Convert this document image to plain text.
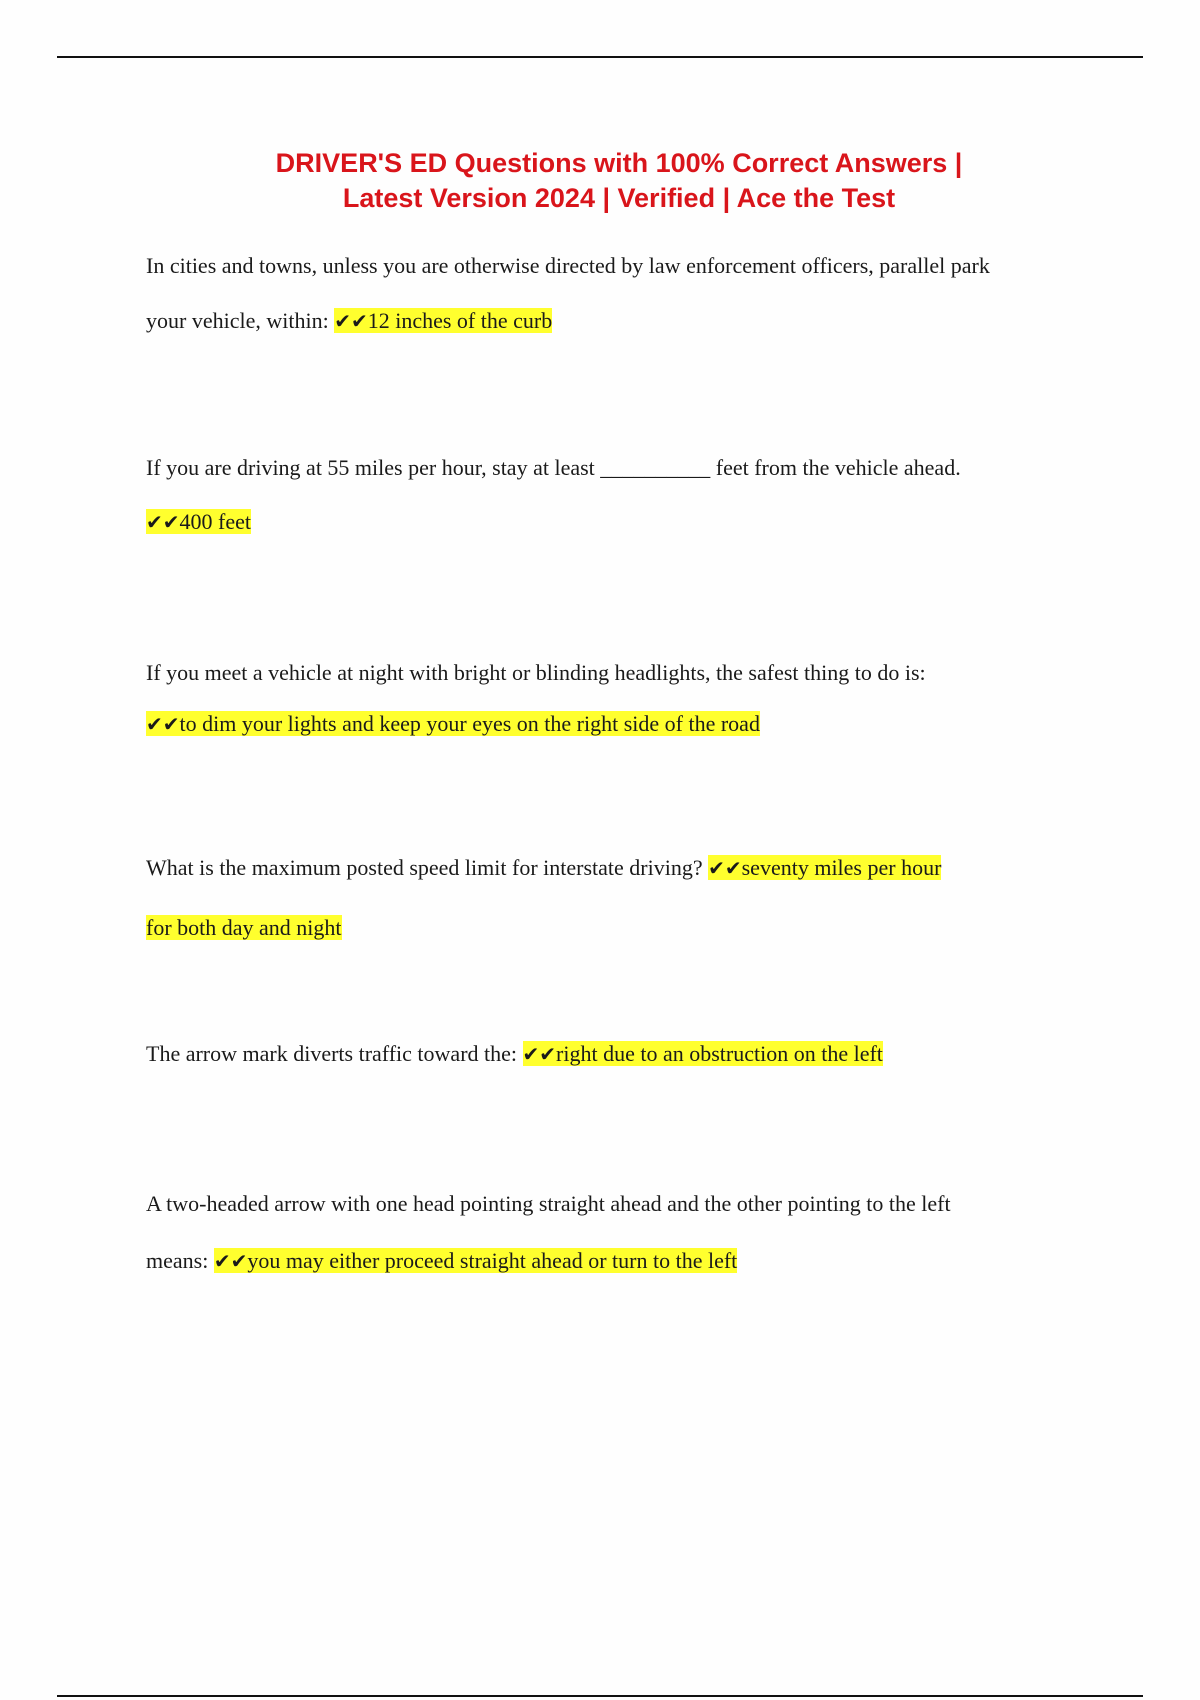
DRIVER'S ED Questions with 100% Correct Answers |
Latest Version 2024 | Verified | Ace the Test
In cities and towns, unless you are otherwise directed by law enforcement officers, parallel park
your vehicle, within: ✔✔12 inches of the curb
If you are driving at 55 miles per hour, stay at least __________ feet from the vehicle ahead.
✔✔400 feet
If you meet a vehicle at night with bright or blinding headlights, the safest thing to do is:
✔✔to dim your lights and keep your eyes on the right side of the road
What is the maximum posted speed limit for interstate driving? ✔✔seventy miles per hour
for both day and night
The arrow mark diverts traffic toward the: ✔✔right due to an obstruction on the left
A two-headed arrow with one head pointing straight ahead and the other pointing to the left
means: ✔✔you may either proceed straight ahead or turn to the left
